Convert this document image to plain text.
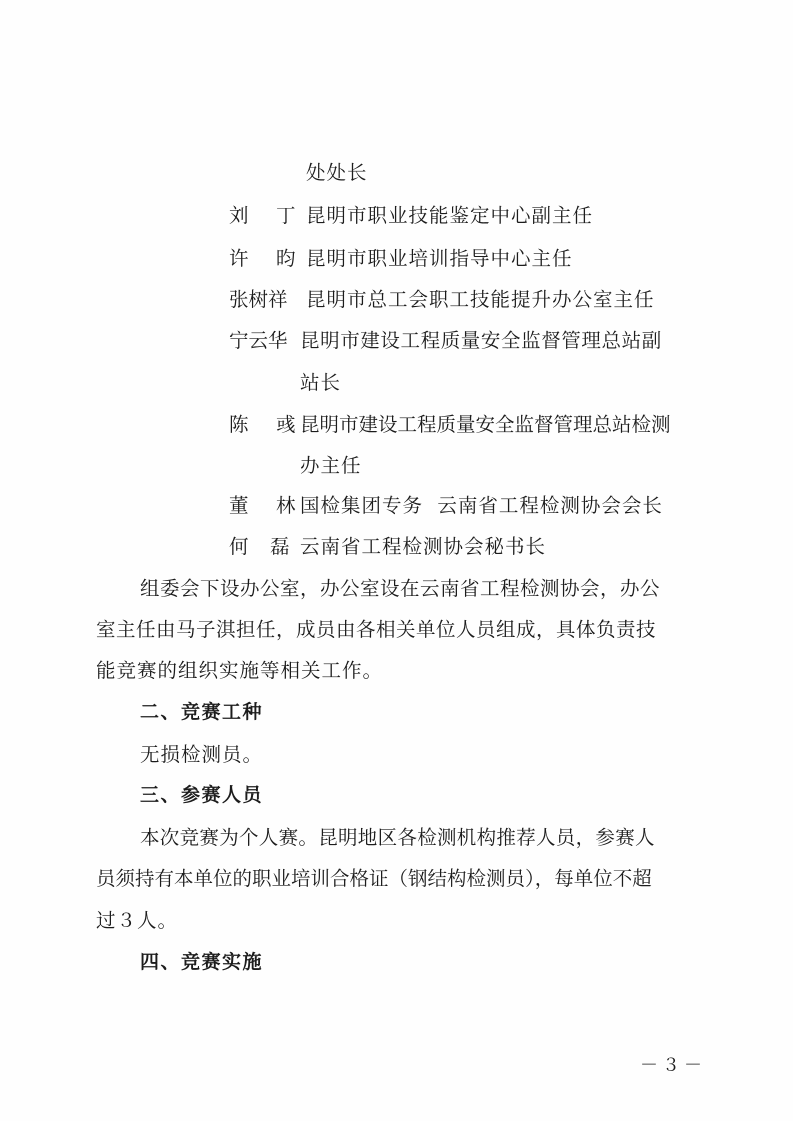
处处长
刘 丁 昆明市职业技能鉴定中心副主任
许 昀 昆明市职业培训指导中心主任
张树祥 昆明市总工会职工技能提升办公室主任
宁云华 昆明市建设工程质量安全监督管理总站副
站长
陈 彧 昆明市建设工程质量安全监督管理总站检测
办主任
董 林 国检集团专务  云南省工程检测协会会长
何 磊 云南省工程检测协会秘书长
组委会下设办公室，办公室设在云南省工程检测协会，办公
室主任由马子淇担任，成员由各相关单位人员组成，具体负责技
能竞赛的组织实施等相关工作。
二、竞赛工种
无损检测员。
三、参赛人员
本次竞赛为个人赛。昆明地区各检测机构推荐人员，参赛人
员须持有本单位的职业培训合格证（钢结构检测员），每单位不超
过３人。
四、竞赛实施
－３－
